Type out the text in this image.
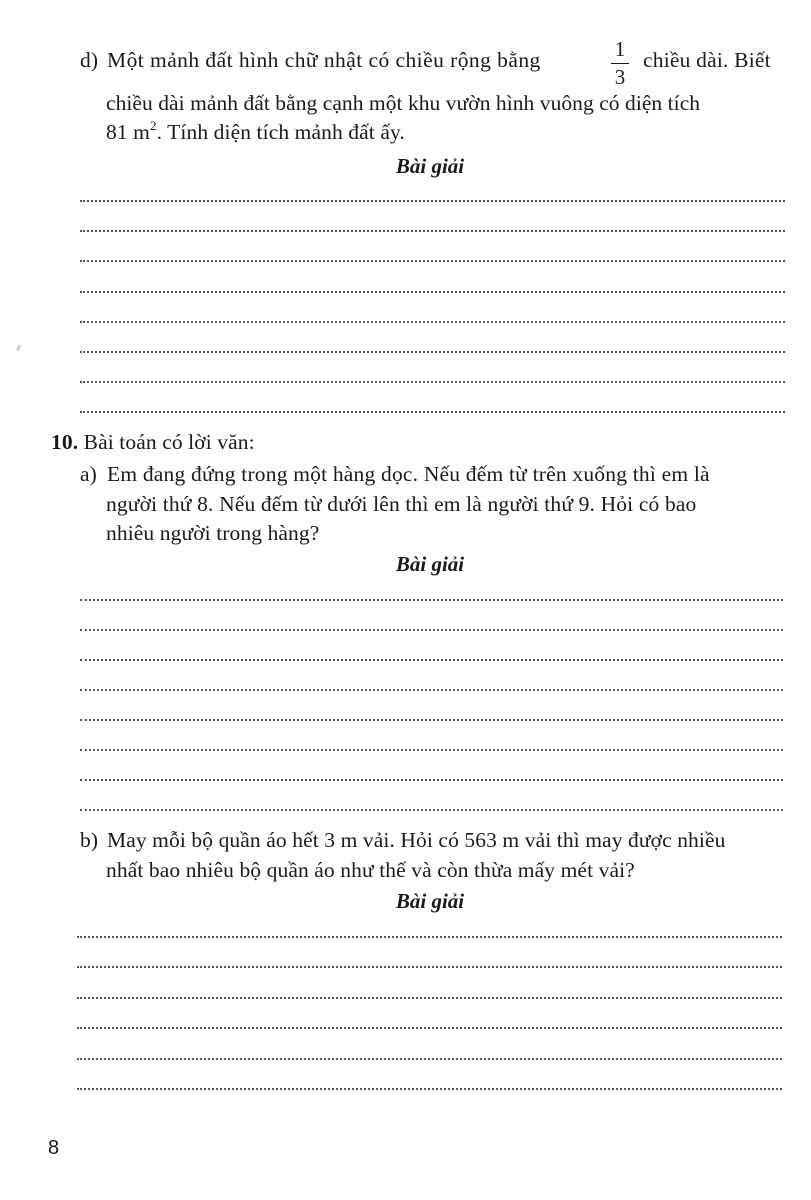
d) Một mảnh đất hình chữ nhật có chiều rộng bằng	1
3
chiều dài. Biết
chiều dài mảnh đất bằng cạnh một khu vườn hình vuông có diện tích
81 $m^2$. Tính diện tích mảnh đất ấy.
Bài giải
10. Bài toán có lời văn:
a) Em đang đứng trong một hàng dọc. Nếu đếm từ trên xuống thì em là
người thứ 8. Nếu đếm từ dưới lên thì em là người thứ 9. Hỏi có bao
nhiêu người trong hàng?
Bài giải
b) May mỗi bộ quần áo hết 3 m vải. Hỏi có 563 m vải thì may được nhiều
nhất bao nhiêu bộ quần áo như thế và còn thừa mấy mét vải?
Bài giải
8
